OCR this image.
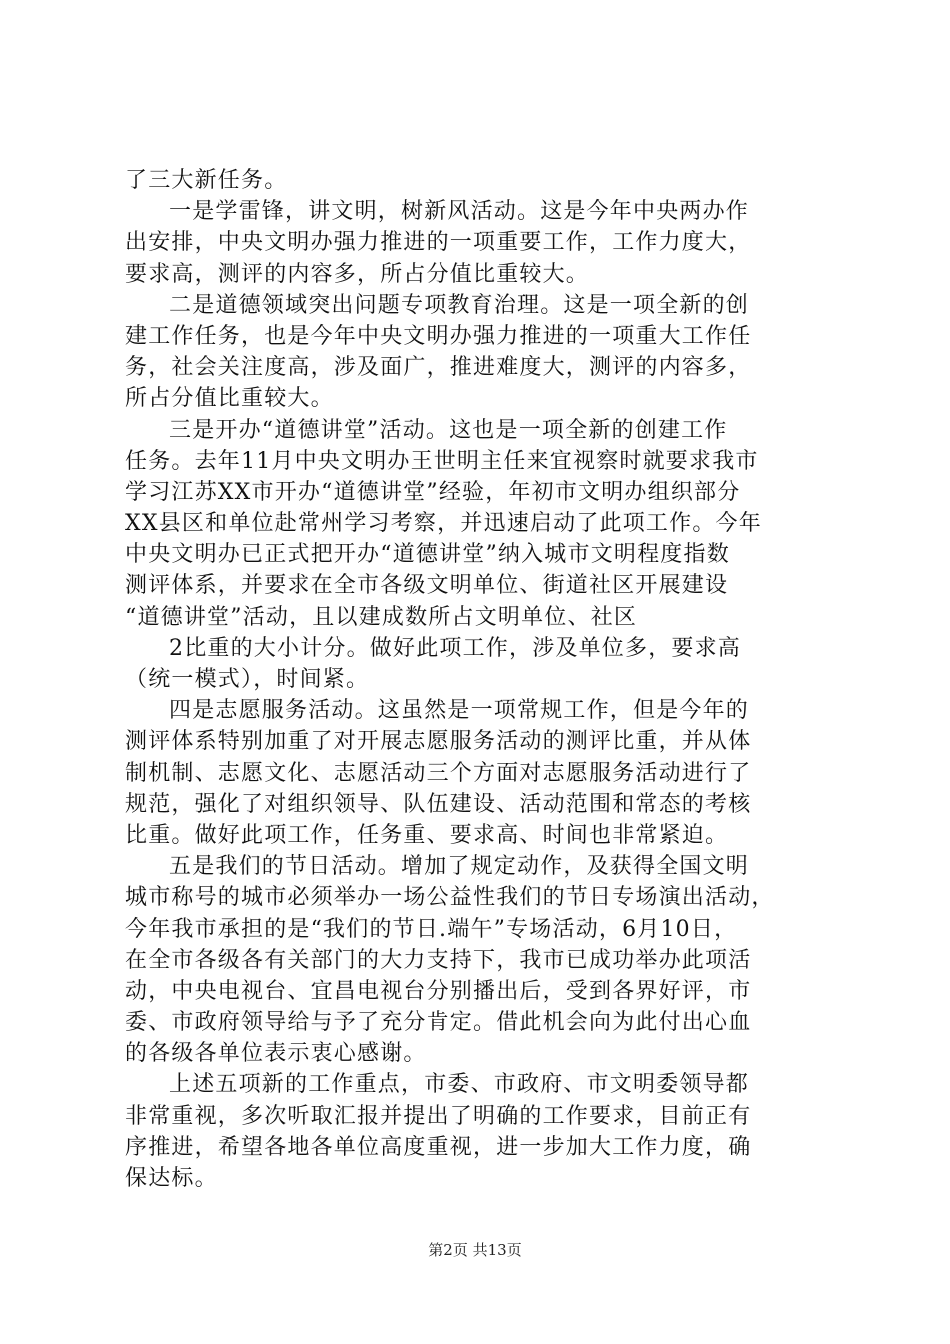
了三大新任务。
一是学雷锋，讲文明，树新风活动。这是今年中央两办作
出安排，中央文明办强力推进的一项重要工作，工作力度大，
要求高，测评的内容多，所占分值比重较大。
二是道德领域突出问题专项教育治理。这是一项全新的创
建工作任务，也是今年中央文明办强力推进的一项重大工作任
务，社会关注度高，涉及面广，推进难度大，测评的内容多，
所占分值比重较大。
三是开办“道德讲堂”活动。这也是一项全新的创建工作
任务。去年11月中央文明办王世明主任来宜视察时就要求我市
学习江苏XX市开办“道德讲堂”经验，年初市文明办组织部分
XX县区和单位赴常州学习考察，并迅速启动了此项工作。今年
中央文明办已正式把开办“道德讲堂”纳入城市文明程度指数
测评体系，并要求在全市各级文明单位、街道社区开展建设
“道德讲堂”活动，且以建成数所占文明单位、社区
2比重的大小计分。做好此项工作，涉及单位多，要求高
（统一模式），时间紧。
四是志愿服务活动。这虽然是一项常规工作，但是今年的
测评体系特别加重了对开展志愿服务活动的测评比重，并从体
制机制、志愿文化、志愿活动三个方面对志愿服务活动进行了
规范，强化了对组织领导、队伍建设、活动范围和常态的考核
比重。做好此项工作，任务重、要求高、时间也非常紧迫。
五是我们的节日活动。增加了规定动作，及获得全国文明
城市称号的城市必须举办一场公益性我们的节日专场演出活动，
今年我市承担的是“我们的节日.端午”专场活动，6月10日，
在全市各级各有关部门的大力支持下，我市已成功举办此项活
动，中央电视台、宜昌电视台分别播出后，受到各界好评，市
委、市政府领导给与予了充分肯定。借此机会向为此付出心血
的各级各单位表示衷心感谢。
上述五项新的工作重点，市委、市政府、市文明委领导都
非常重视，多次听取汇报并提出了明确的工作要求，目前正有
序推进，希望各地各单位高度重视，进一步加大工作力度，确
保达标。
第2页 共13页
